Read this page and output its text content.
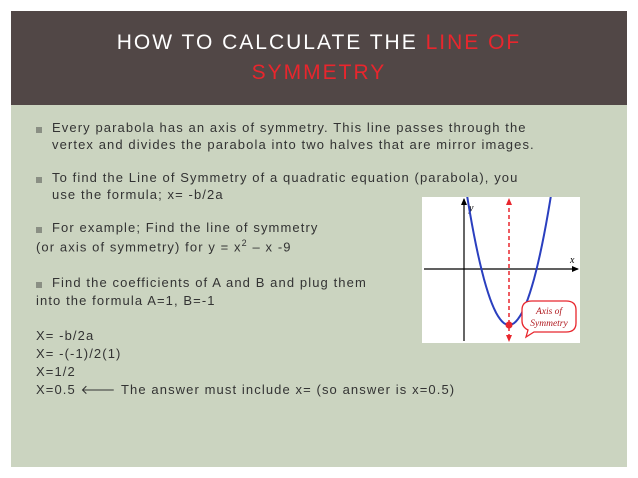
HOW TO CALCULATE THE LINE OF SYMMETRY
Every parabola has an axis of symmetry. This line passes through the
vertex and divides the parabola into two halves that are mirror images.
To find the Line of Symmetry of a quadratic equation (parabola), you
use the formula; x= -b/2a
For example; Find the line of symmetry
(or axis of symmetry) for $y = x^2 - x$ -9
Find the coefficients of A and B and plug them
into the formula A=1, B=-1
X= -b/2a
X= -(-1)/2(1)
X=1/2
X=0.5 🡐 The answer must include x= (so answer is x=0.5)
y
x
Axis of
Symmetry
